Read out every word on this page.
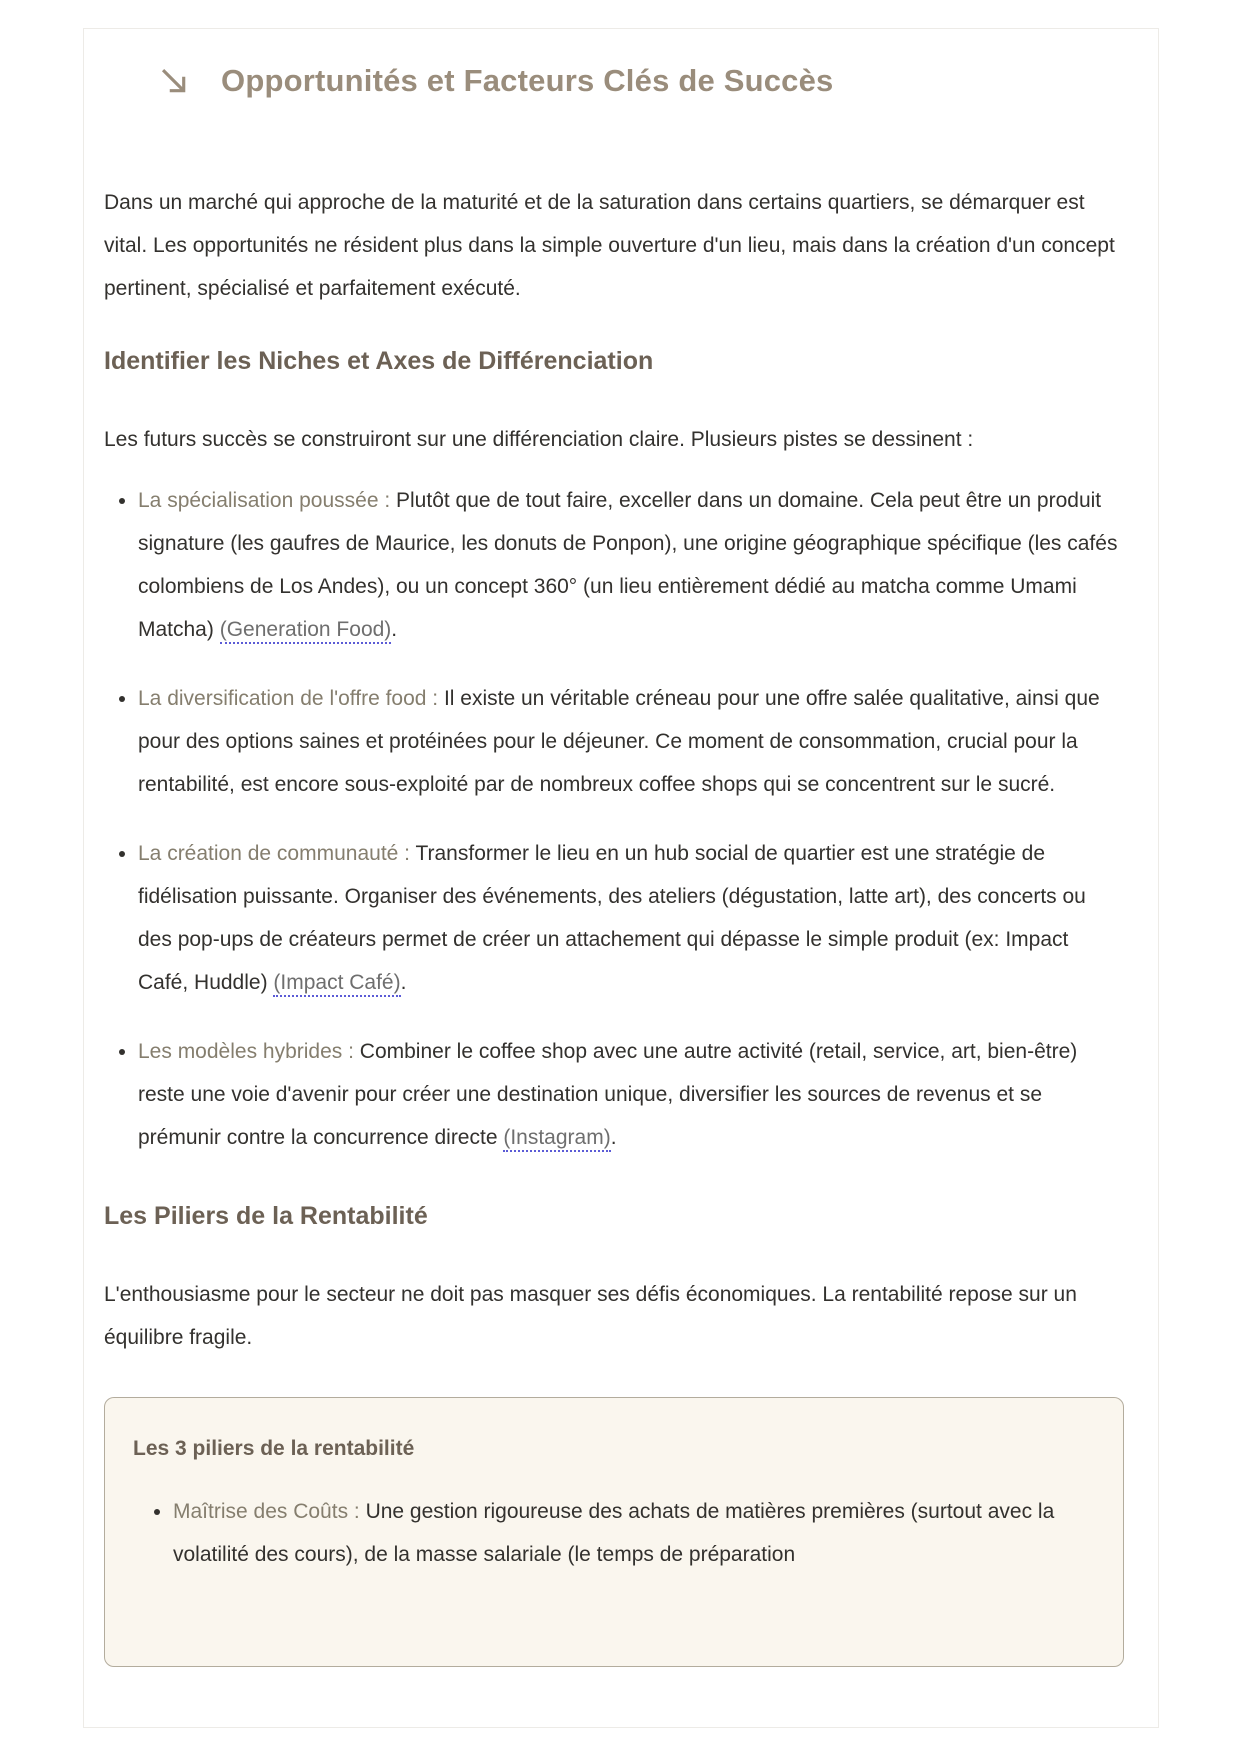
Opportunités et Facteurs Clés de Succès

Dans un marché qui approche de la maturité et de la saturation dans certains quartiers, se démarquer est vital. Les opportunités ne résident plus dans la simple ouverture d'un lieu, mais dans la création d'un concept pertinent, spécialisé et parfaitement exécuté.

Identifier les Niches et Axes de Différenciation

Les futurs succès se construiront sur une différenciation claire. Plusieurs pistes se dessinent :

• La spécialisation poussée : Plutôt que de tout faire, exceller dans un domaine. Cela peut être un produit signature (les gaufres de Maurice, les donuts de Ponpon), une origine géographique spécifique (les cafés colombiens de Los Andes), ou un concept 360° (un lieu entièrement dédié au matcha comme Umami Matcha) (Generation Food).
• La diversification de l'offre food : Il existe un véritable créneau pour une offre salée qualitative, ainsi que pour des options saines et protéinées pour le déjeuner. Ce moment de consommation, crucial pour la rentabilité, est encore sous-exploité par de nombreux coffee shops qui se concentrent sur le sucré.
• La création de communauté : Transformer le lieu en un hub social de quartier est une stratégie de fidélisation puissante. Organiser des événements, des ateliers (dégustation, latte art), des concerts ou des pop-ups de créateurs permet de créer un attachement qui dépasse le simple produit (ex: Impact Café, Huddle) (Impact Café).
• Les modèles hybrides : Combiner le coffee shop avec une autre activité (retail, service, art, bien-être) reste une voie d'avenir pour créer une destination unique, diversifier les sources de revenus et se prémunir contre la concurrence directe (Instagram).
Les Piliers de la Rentabilité

L'enthousiasme pour le secteur ne doit pas masquer ses défis économiques. La rentabilité repose sur un équilibre fragile.

Les 3 piliers de la rentabilité
• Maîtrise des Coûts : Une gestion rigoureuse des achats de matières premières (surtout avec la volatilité des cours), de la masse salariale (le temps de préparation
